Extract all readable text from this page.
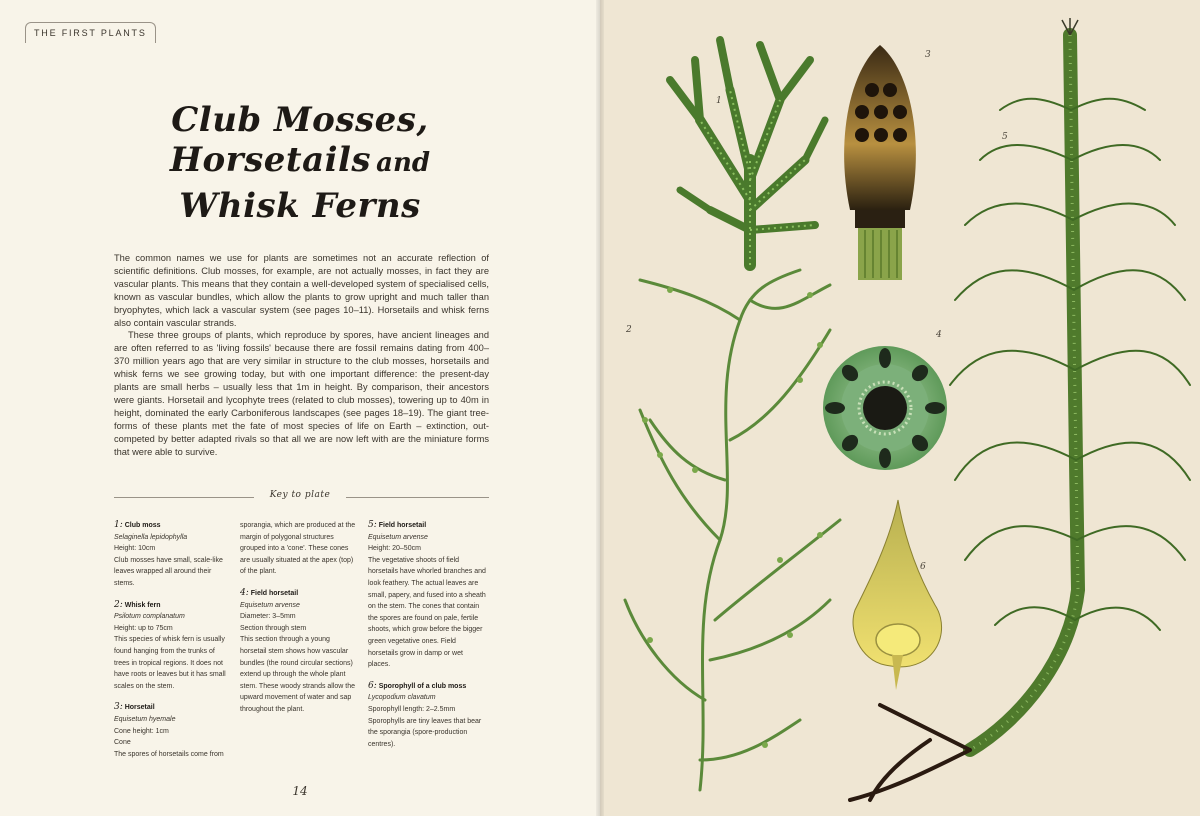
THE FIRST PLANTS
Club Mosses,
Horsetails and
Whisk Ferns

The common names we use for plants are sometimes not an accurate reflection of scientific definitions. Club mosses, for example, are not actually mosses, in fact they are vascular plants. This means that they contain a well-developed system of specialised cells, known as vascular bundles, which allow the plants to grow upright and much taller than bryophytes, which lack a vascular system (see pages 10–11). Horsetails and whisk ferns also contain vascular strands.

These three groups of plants, which reproduce by spores, have ancient lineages and are often referred to as 'living fossils' because there are fossil remains dating from 400–370 million years ago that are very similar in structure to the club mosses, horsetails and whisk ferns we see growing today, but with one important difference: the present-day plants are small herbs – usually less that 1m in height. By comparison, their ancestors were giants. Horsetail and lycophyte trees (related to club mosses), towering up to 40m in height, dominated the early Carboniferous landscapes (see pages 18–19). The giant tree-forms of these plants met the fate of most species of life on Earth – extinction, out-competed by better adapted rivals so that all we are now left with are the miniature forms that were able to survive.

Key to plate
1: Club moss
Selaginella lepidophylla
Height: 10cm
Club mosses have small, scale-like leaves wrapped all around their stems.
2: Whisk fern
Psilotum complanatum
Height: up to 75cm
This species of whisk fern is usually found hanging from the trunks of trees in tropical regions. It does not have roots or leaves but it has small scales on the stem.
3: Horsetail
Equisetum hyemale
Cone height: 1cm
Cone
The spores of horsetails come from
sporangia, which are produced at the margin of polygonal structures grouped into a 'cone'. These cones are usually situated at the apex (top) of the plant.
4: Field horsetail
Equisetum arvense
Diameter: 3–5mm
Section through stem
This section through a young horsetail stem shows how vascular bundles (the round circular sections) extend up through the whole plant stem. These woody strands allow the upward movement of water and sap throughout the plant.
5: Field horsetail
Equisetum arvense
Height: 20–50cm
The vegetative shoots of field horsetails have whorled branches and look feathery. The actual leaves are small, papery, and fused into a sheath on the stem. The cones that contain the spores are found on pale, fertile shoots, which grow before the bigger green vegetative ones. Field horsetails grow in damp or wet places.
6: Sporophyll of a club moss
Lycopodium clavatum
Sporophyll length: 2–2.5mm
Sporophylls are tiny leaves that bear the sporangia (spore-production centres).
14
1
2
3
4
5
6
